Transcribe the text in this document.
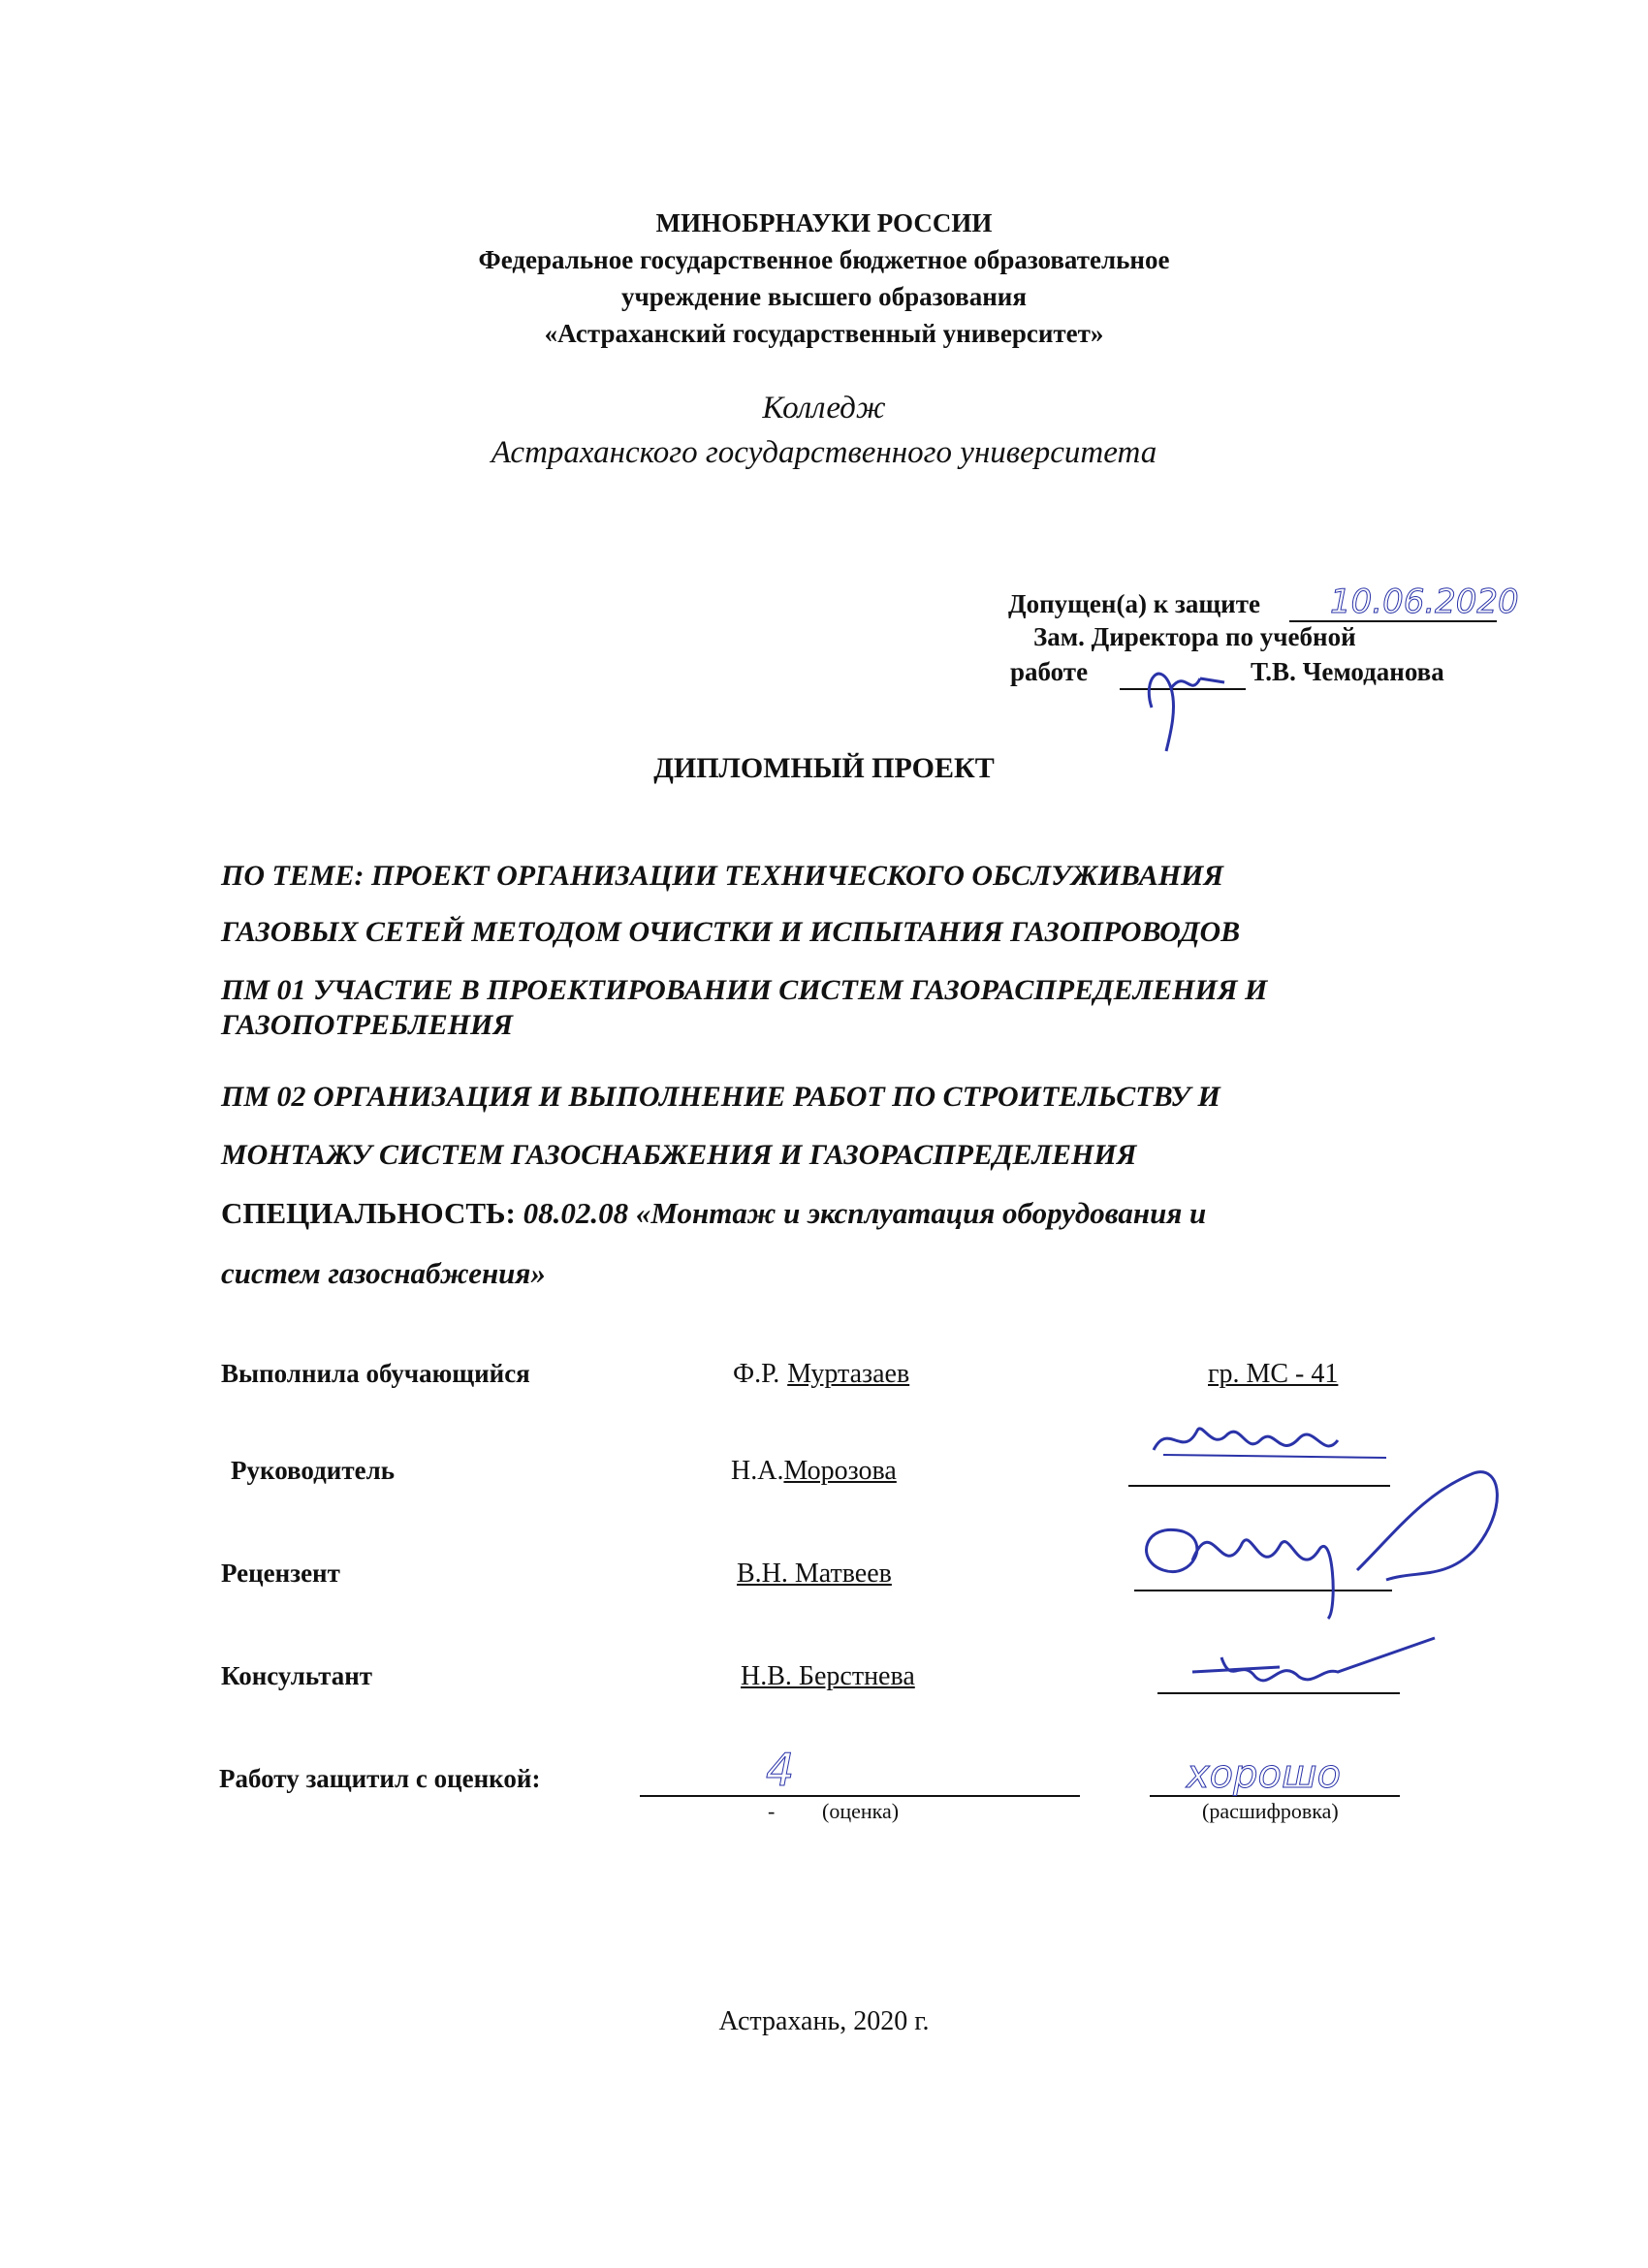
МИНОБРНАУКИ РОССИИ
Федеральное государственное бюджетное образовательное
учреждение высшего образования
«Астраханский государственный университет»
Колледж
Астраханского государственного университета
Допущен(а) к защите 10.06.2020
Зам. Директора по учебной
работе	Т.В. Чемоданова
ДИПЛОМНЫЙ ПРОЕКТ
ПО ТЕМЕ: ПРОЕКТ ОРГАНИЗАЦИИ ТЕХНИЧЕСКОГО ОБСЛУЖИВАНИЯ
ГАЗОВЫХ СЕТЕЙ МЕТОДОМ ОЧИСТКИ И ИСПЫТАНИЯ ГАЗОПРОВОДОВ
ПМ 01 УЧАСТИЕ В ПРОЕКТИРОВАНИИ СИСТЕМ ГАЗОРАСПРЕДЕЛЕНИЯ И
ГАЗОПОТРЕБЛЕНИЯ
ПМ 02 ОРГАНИЗАЦИЯ И ВЫПОЛНЕНИЕ РАБОТ ПО СТРОИТЕЛЬСТВУ И
МОНТАЖУ СИСТЕМ ГАЗОСНАБЖЕНИЯ И ГАЗОРАСПРЕДЕЛЕНИЯ
СПЕЦИАЛЬНОСТЬ: 08.02.08 «Монтаж и эксплуатация оборудования и
систем газоснабжения»
Выполнила обучающийся	Ф.Р. Муртазаев	гр. МС - 41
Руководитель	Н.А.Морозова
Рецензент	В.Н. Матвеев
Консультант	Н.В. Берстнева
Работу защитил с оценкой:	4	хорошо
- (оценка)	(расшифровка)
Астрахань, 2020 г.
